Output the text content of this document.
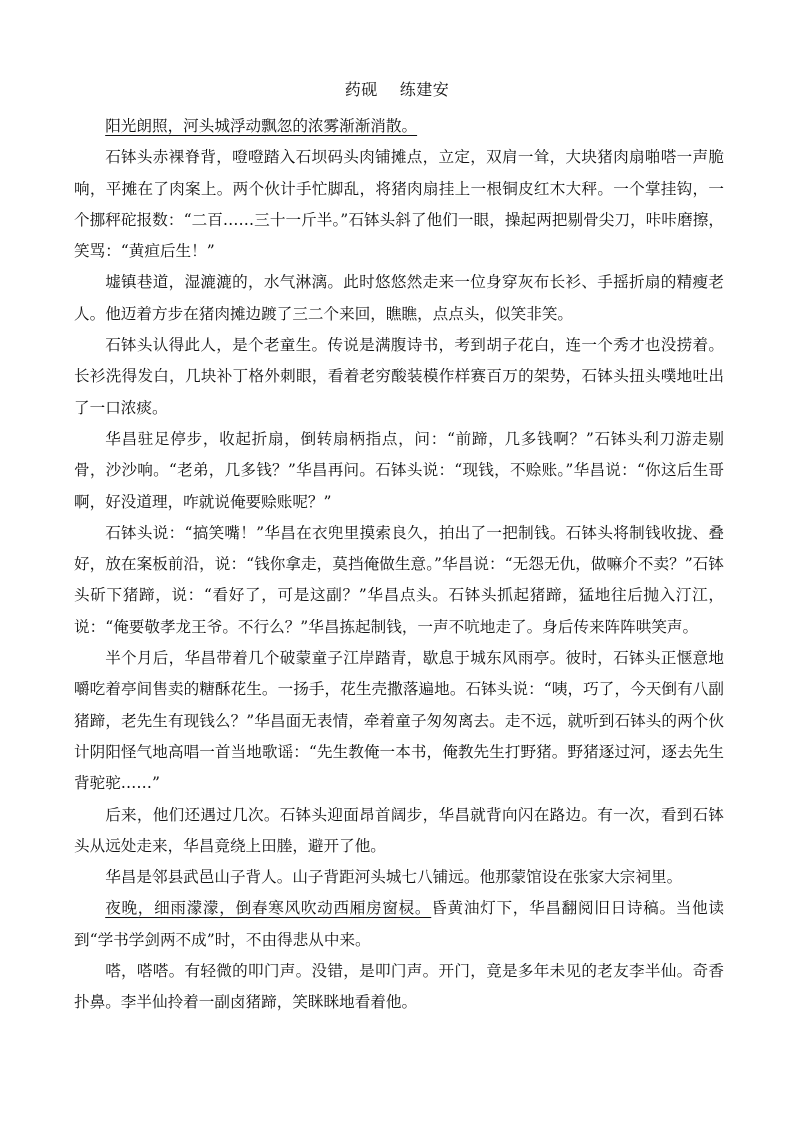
药砚 练建安

阳光朗照，河头城浮动飘忽的浓雾渐渐消散。

石钵头赤裸脊背，噔噔踏入石坝码头肉铺摊点，立定，双肩一耸，大块猪肉扇啪嗒一声脆响，平摊在了肉案上。两个伙计手忙脚乱，将猪肉扇挂上一根铜皮红木大秤。一个掌挂钩，一个挪秤砣报数：“二百……三十一斤半。”石钵头斜了他们一眼，操起两把剔骨尖刀，咔咔磨擦，笑骂：“黄疸后生！”

墟镇巷道，湿漉漉的，水气淋漓。此时悠悠然走来一位身穿灰布长衫、手摇折扇的精瘦老人。他迈着方步在猪肉摊边踱了三二个来回，瞧瞧，点点头，似笑非笑。

石钵头认得此人，是个老童生。传说是满腹诗书，考到胡子花白，连一个秀才也没捞着。长衫洗得发白，几块补丁格外刺眼，看着老穷酸装模作样赛百万的架势，石钵头扭头噗地吐出了一口浓痰。

华昌驻足停步，收起折扇，倒转扇柄指点，问：“前蹄，几多钱啊？”石钵头利刀游走剔骨，沙沙响。“老弟，几多钱？”华昌再问。石钵头说：“现钱，不赊账。”华昌说：“你这后生哥啊，好没道理，咋就说俺要赊账呢？”

石钵头说：“搞笑嘴！”华昌在衣兜里摸索良久，拍出了一把制钱。石钵头将制钱收拢、叠好，放在案板前沿，说：“钱你拿走，莫挡俺做生意。”华昌说：“无怨无仇，做嘛介不卖？”石钵头斫下猪蹄，说：“看好了，可是这副？”华昌点头。石钵头抓起猪蹄，猛地往后抛入汀江，说：“俺要敬孝龙王爷。不行么？”华昌拣起制钱，一声不吭地走了。身后传来阵阵哄笑声。

半个月后，华昌带着几个破蒙童子江岸踏青，歇息于城东风雨亭。彼时，石钵头正惬意地嚼吃着亭间售卖的糖酥花生。一扬手，花生壳撒落遍地。石钵头说：“咦，巧了，今天倒有八副猪蹄，老先生有现钱么？”华昌面无表情，牵着童子匆匆离去。走不远，就听到石钵头的两个伙计阴阳怪气地高唱一首当地歌谣：“先生教俺一本书，俺教先生打野猪。野猪逐过河，逐去先生背驼驼……”

后来，他们还遇过几次。石钵头迎面昂首阔步，华昌就背向闪在路边。有一次，看到石钵头从远处走来，华昌竟绕上田塍，避开了他。

华昌是邻县武邑山子背人。山子背距河头城七八铺远。他那蒙馆设在张家大宗祠里。

夜晚，细雨濛濛，倒春寒风吹动西厢房窗棂。昏黄油灯下，华昌翻阅旧日诗稿。当他读到“学书学剑两不成”时，不由得悲从中来。

嗒，嗒嗒。有轻微的叩门声。没错，是叩门声。开门，竟是多年未见的老友李半仙。奇香扑鼻。李半仙拎着一副卤猪蹄，笑眯眯地看着他。
